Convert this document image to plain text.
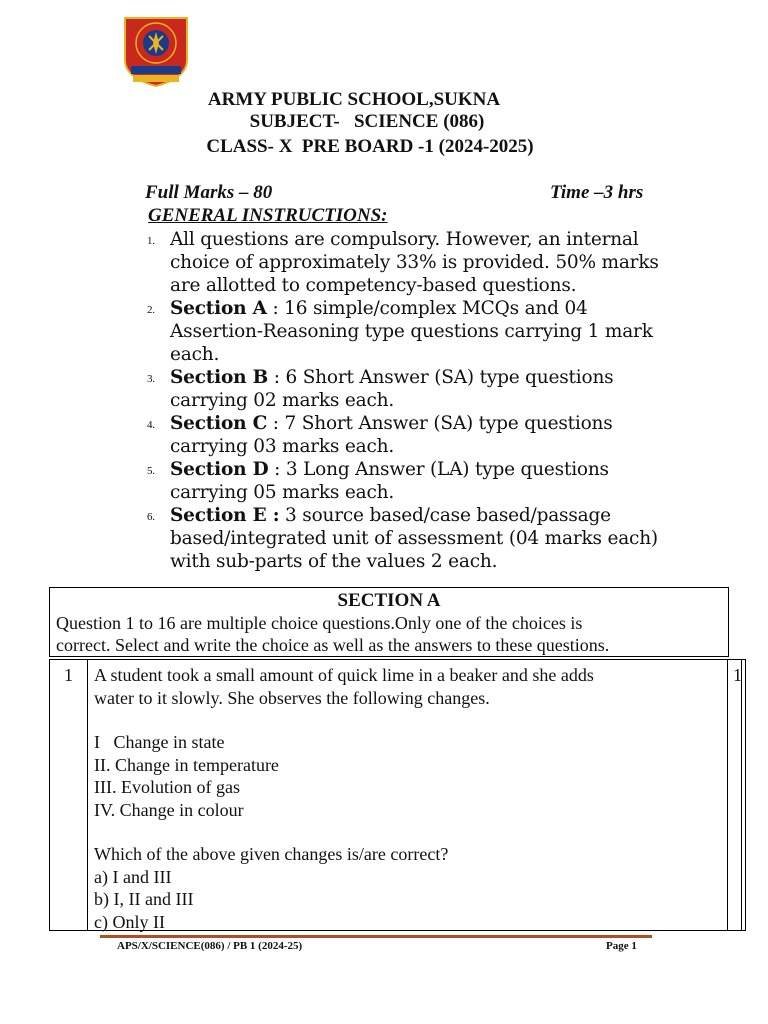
ARMY PUBLIC SCHOOL,SUKNA
SUBJECT-   SCIENCE (086)
CLASS- X  PRE BOARD -1 (2024-2025)
Full Marks – 80	Time –3 hrs
GENERAL INSTRUCTIONS:
1. All questions are compulsory. However, an internal
choice of approximately 33% is provided. 50% marks
are allotted to competency-based questions.
2. Section A : 16 simple/complex MCQs and 04
Assertion-Reasoning type questions carrying 1 mark
each.
3. Section B : 6 Short Answer (SA) type questions
carrying 02 marks each.
4. Section C : 7 Short Answer (SA) type questions
carrying 03 marks each.
5. Section D : 3 Long Answer (LA) type questions
carrying 05 marks each.
6. Section E : 3 source based/case based/passage
based/integrated unit of assessment (04 marks each)
with sub-parts of the values 2 each.
SECTION A
Question 1 to 16 are multiple choice questions.Only one of the choices is
correct. Select and write the choice as well as the answers to these questions.
1	A student took a small amount of quick lime in a beaker and she adds
water to it slowly. She observes the following changes.
I   Change in state
II. Change in temperature
III. Evolution of gas
IV. Change in colour
Which of the above given changes is/are correct?
a) I and III
b) I, II and III
c) Only II
1
APS/X/SCIENCE(086) / PB 1 (2024-25)	Page 1
